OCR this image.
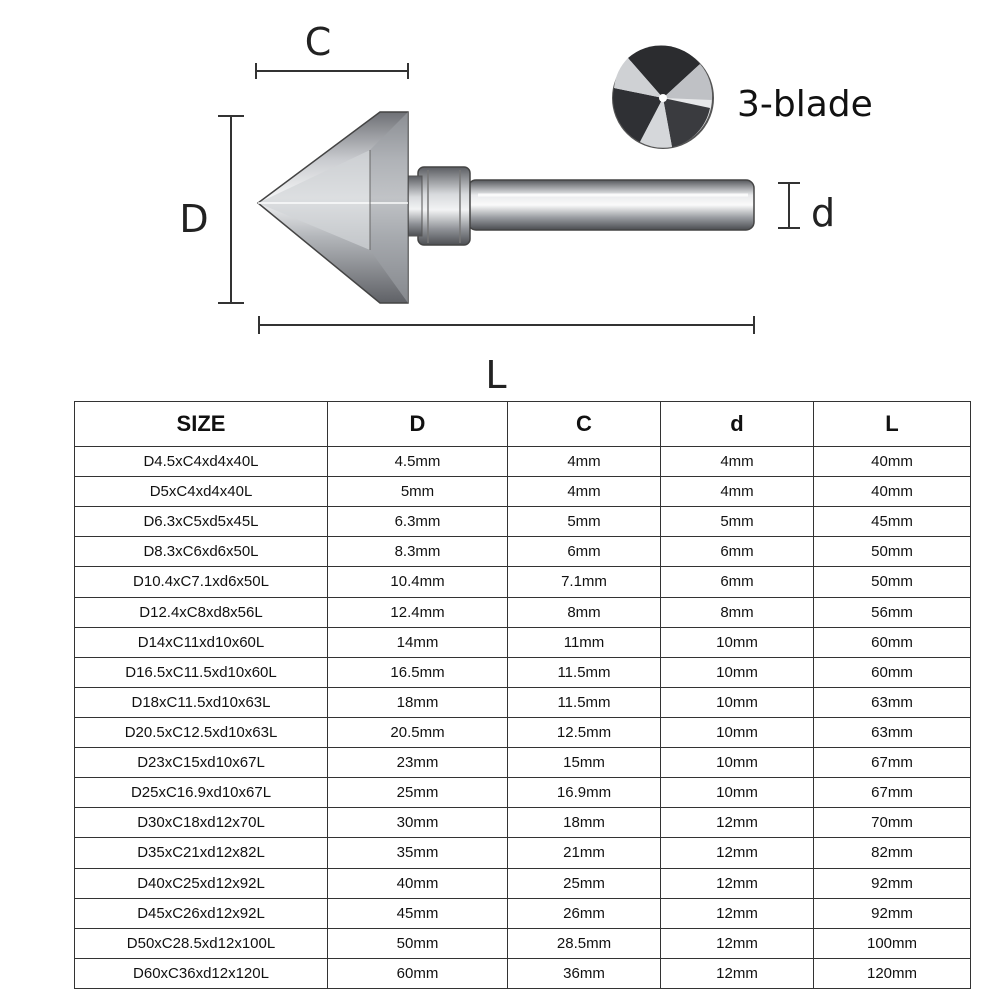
C
D	d
L
3-blade
SIZE	D	C	d	L
D4.5xC4xd4x40L	4.5mm	4mm	4mm	40mm
D5xC4xd4x40L	5mm	4mm	4mm	40mm
D6.3xC5xd5x45L	6.3mm	5mm	5mm	45mm
D8.3xC6xd6x50L	8.3mm	6mm	6mm	50mm
D10.4xC7.1xd6x50L	10.4mm	7.1mm	6mm	50mm
D12.4xC8xd8x56L	12.4mm	8mm	8mm	56mm
D14xC11xd10x60L	14mm	11mm	10mm	60mm
D16.5xC11.5xd10x60L	16.5mm	11.5mm	10mm	60mm
D18xC11.5xd10x63L	18mm	11.5mm	10mm	63mm
D20.5xC12.5xd10x63L	20.5mm	12.5mm	10mm	63mm
D23xC15xd10x67L	23mm	15mm	10mm	67mm
D25xC16.9xd10x67L	25mm	16.9mm	10mm	67mm
D30xC18xd12x70L	30mm	18mm	12mm	70mm
D35xC21xd12x82L	35mm	21mm	12mm	82mm
D40xC25xd12x92L	40mm	25mm	12mm	92mm
D45xC26xd12x92L	45mm	26mm	12mm	92mm
D50xC28.5xd12x100L	50mm	28.5mm	12mm	100mm
D60xC36xd12x120L	60mm	36mm	12mm	120mm
